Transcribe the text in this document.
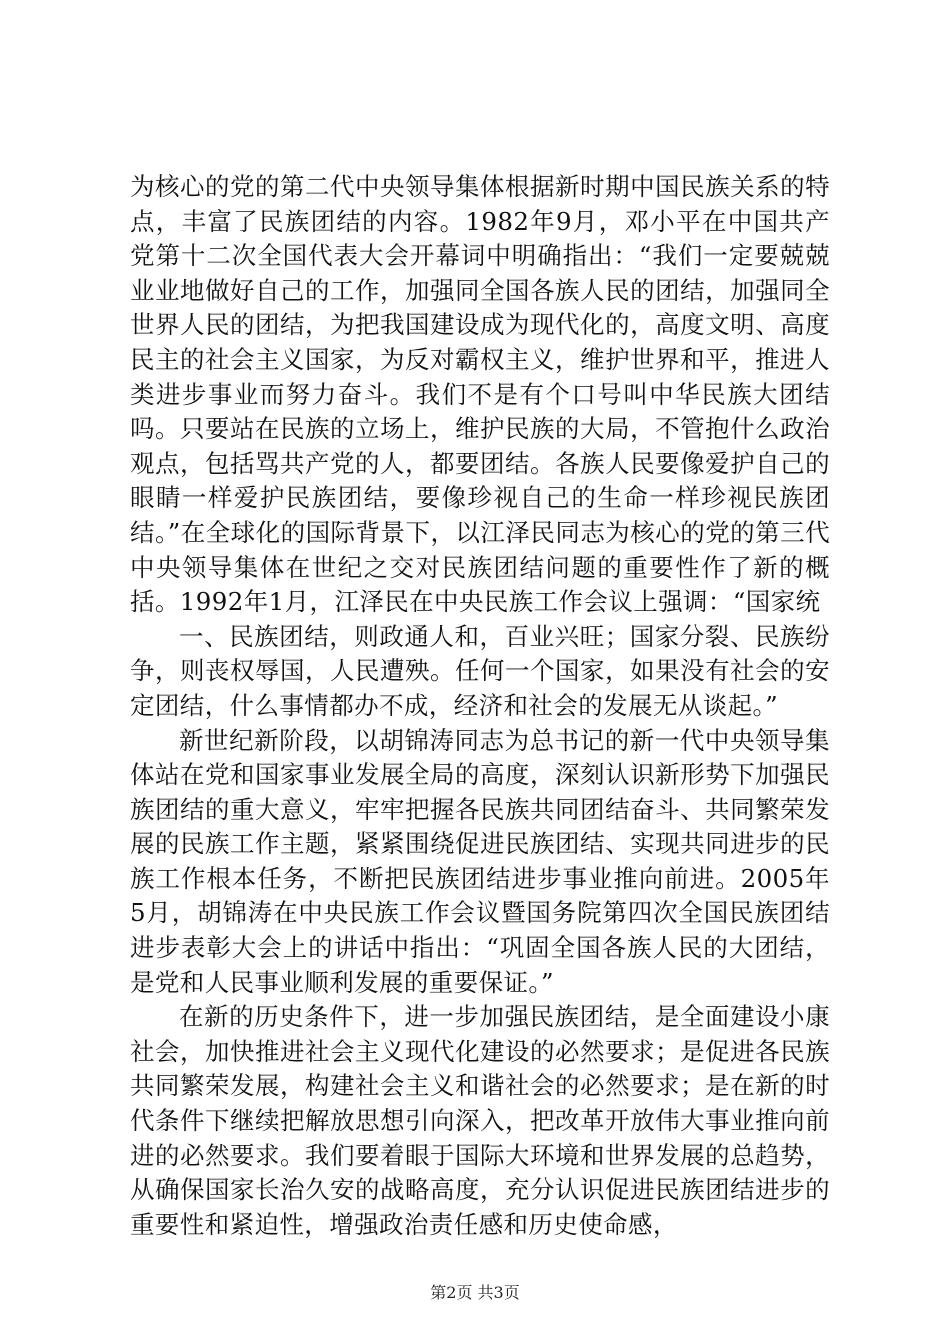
为核心的党的第二代中央领导集体根据新时期中国民族关系的特点，丰富了民族团结的内容。1982年9月，邓小平在中国共产党第十二次全国代表大会开幕词中明确指出：“我们一定要兢兢业业地做好自己的工作，加强同全国各族人民的团结，加强同全世界人民的团结，为把我国建设成为现代化的，高度文明、高度民主的社会主义国家，为反对霸权主义，维护世界和平，推进人类进步事业而努力奋斗。我们不是有个口号叫中华民族大团结吗。只要站在民族的立场上，维护民族的大局，不管抱什么政治观点，包括骂共产党的人，都要团结。各族人民要像爱护自己的眼睛一样爱护民族团结，要像珍视自己的生命一样珍视民族团结。”在全球化的国际背景下，以江泽民同志为核心的党的第三代中央领导集体在世纪之交对民族团结问题的重要性作了新的概括。1992年1月，江泽民在中央民族工作会议上强调：“国家统

一、民族团结，则政通人和，百业兴旺；国家分裂、民族纷争，则丧权辱国，人民遭殃。任何一个国家，如果没有社会的安定团结，什么事情都办不成，经济和社会的发展无从谈起。”

新世纪新阶段，以胡锦涛同志为总书记的新一代中央领导集体站在党和国家事业发展全局的高度，深刻认识新形势下加强民族团结的重大意义，牢牢把握各民族共同团结奋斗、共同繁荣发展的民族工作主题，紧紧围绕促进民族团结、实现共同进步的民族工作根本任务，不断把民族团结进步事业推向前进。2005年5月，胡锦涛在中央民族工作会议暨国务院第四次全国民族团结进步表彰大会上的讲话中指出：“巩固全国各族人民的大团结，是党和人民事业顺利发展的重要保证。”

在新的历史条件下，进一步加强民族团结，是全面建设小康社会，加快推进社会主义现代化建设的必然要求；是促进各民族共同繁荣发展，构建社会主义和谐社会的必然要求；是在新的时代条件下继续把解放思想引向深入，把改革开放伟大事业推向前进的必然要求。我们要着眼于国际大环境和世界发展的总趋势，从确保国家长治久安的战略高度，充分认识促进民族团结进步的重要性和紧迫性，增强政治责任感和历史使命感，

第2页 共3页
